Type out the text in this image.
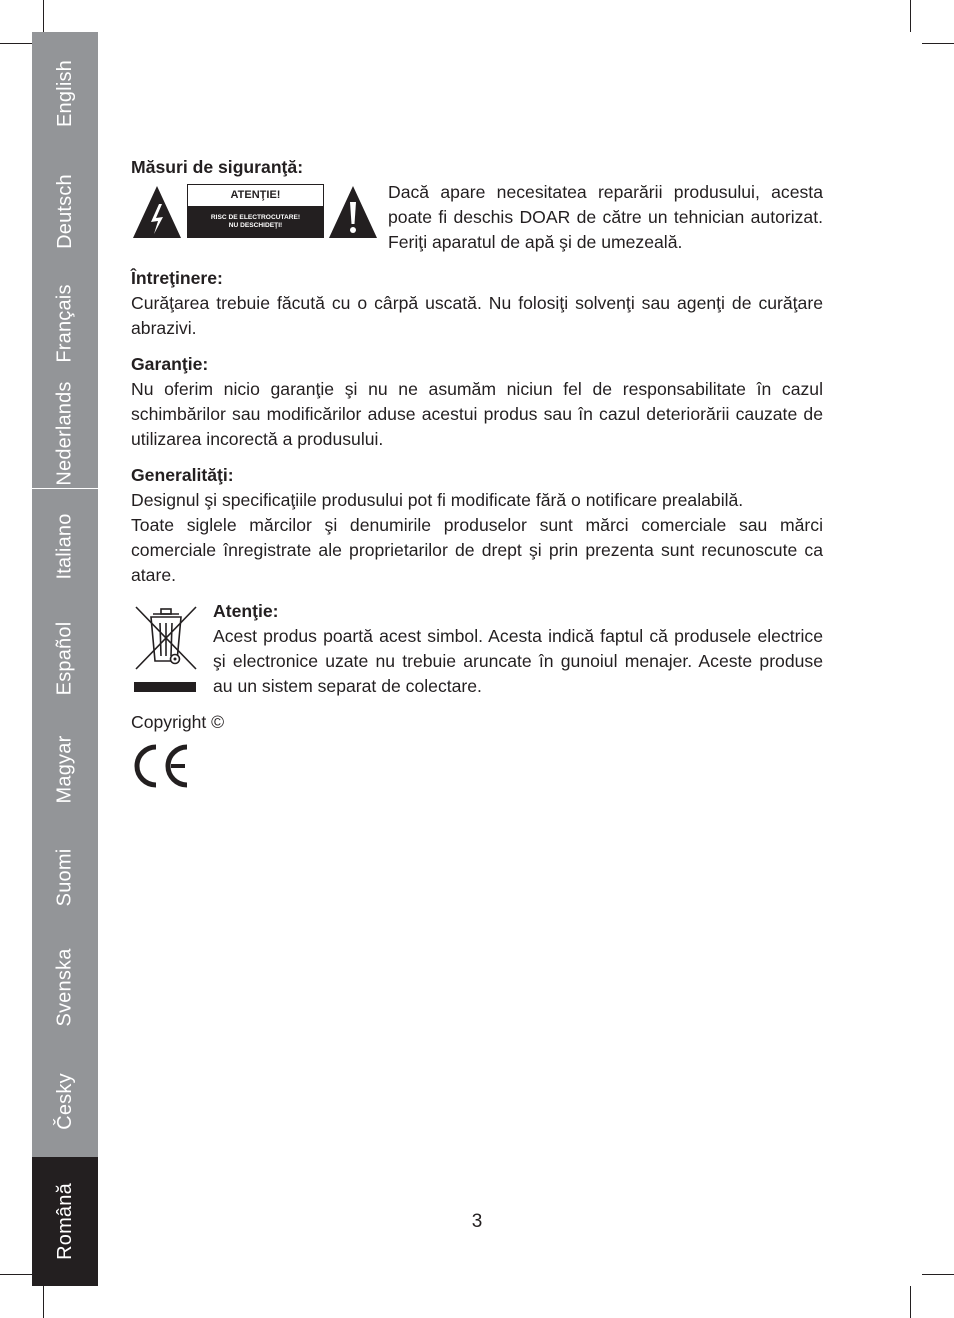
English
Deutsch
Français
Nederlands
Italiano
Español
Magyar
Suomi
Svenska
Česky
Română

Măsuri de siguranţă:

ATENŢIE!
RISC DE ELECTROCUTARE!
NU DESCHIDEŢI!

Dacă apare necesitatea reparării produsului, acesta poate fi deschis DOAR de către un tehnician autorizat. Feriţi aparatul de apă şi de umezeală.

Întreţinere:

Curăţarea trebuie făcută cu o cârpă uscată. Nu folosiţi solvenţi sau agenţi de curăţare abrazivi.

Garanţie:

Nu oferim nicio garanţie şi nu ne asumăm niciun fel de responsabilitate în cazul schimbărilor sau modificărilor aduse acestui produs sau în cazul deteriorării cauzate de utilizarea incorectă a produsului.

Generalităţi:

Designul şi specificaţiile produsului pot fi modificate fără o notificare prealabilă.

Toate siglele mărcilor şi denumirile produselor sunt mărci comerciale sau mărci comerciale înregistrate ale proprietarilor de drept şi prin prezenta sunt recunoscute ca atare.

Atenţie:

Acest produs poartă acest simbol. Acesta indică faptul că produsele electrice şi electronice uzate nu trebuie aruncate în gunoiul menajer. Aceste produse au un sistem separat de colectare.

Copyright ©

3
